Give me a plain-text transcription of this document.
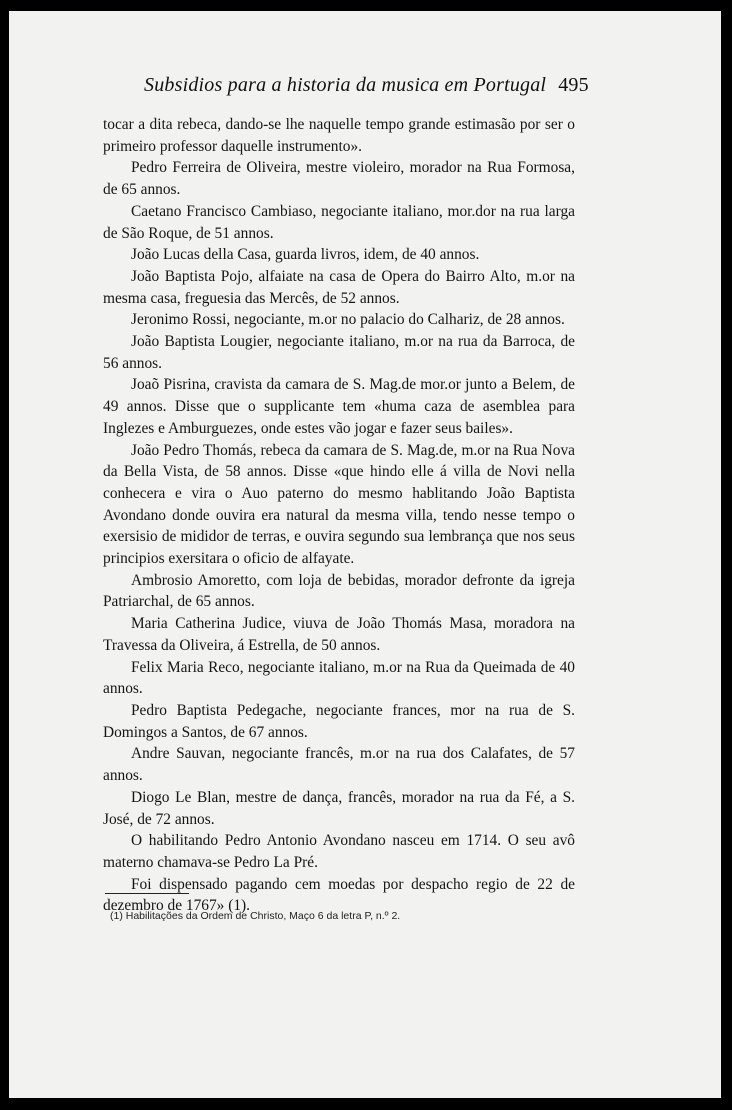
Subsidios para a historia da musica em Portugal 495

tocar a dita rebeca, dando-se lhe naquelle tempo grande estimasão por ser o primeiro professor daquelle instrumento».

Pedro Ferreira de Oliveira, mestre violeiro, morador na Rua Formosa, de 65 annos.

Caetano Francisco Cambiaso, negociante italiano, mor.dor na rua larga de São Roque, de 51 annos.

João Lucas della Casa, guarda livros, idem, de 40 annos.

João Baptista Pojo, alfaiate na casa de Opera do Bairro Alto, m.or na mesma casa, freguesia das Mercês, de 52 annos.

Jeronimo Rossi, negociante, m.or no palacio do Calhariz, de 28 annos.

João Baptista Lougier, negociante italiano, m.or na rua da Barroca, de 56 annos.

Joaõ Pisrina, cravista da camara de S. Mag.de mor.or junto a Belem, de 49 annos. Disse que o supplicante tem «huma caza de asemblea para Inglezes e Amburguezes, onde estes vão jogar e fazer seus bailes».

João Pedro Thomás, rebeca da camara de S. Mag.de, m.or na Rua Nova da Bella Vista, de 58 annos. Disse «que hindo elle á villa de Novi nella conhecera e vira o Auo paterno do mesmo hablitando João Baptista Avondano donde ouvira era natural da mesma villa, tendo nesse tempo o exersisio de mididor de terras, e ouvira segundo sua lembrança que nos seus principios exersitara o oficio de alfayate.

Ambrosio Amoretto, com loja de bebidas, morador defronte da igreja Patriarchal, de 65 annos.

Maria Catherina Judice, viuva de João Thomás Masa, moradora na Travessa da Oliveira, á Estrella, de 50 annos.

Felix Maria Reco, negociante italiano, m.or na Rua da Queimada de 40 annos.

Pedro Baptista Pedegache, negociante frances, mor na rua de S. Domingos a Santos, de 67 annos.

Andre Sauvan, negociante francês, m.or na rua dos Calafates, de 57 annos.

Diogo Le Blan, mestre de dança, francês, morador na rua da Fé, a S. José, de 72 annos.

O habilitando Pedro Antonio Avondano nasceu em 1714. O seu avô materno chamava-se Pedro La Pré.

Foi dispensado pagando cem moedas por despacho regio de 22 de dezembro de 1767» (1).

(1) Habilitações da Ordem de Christo, Maço 6 da letra P, n.º 2.
